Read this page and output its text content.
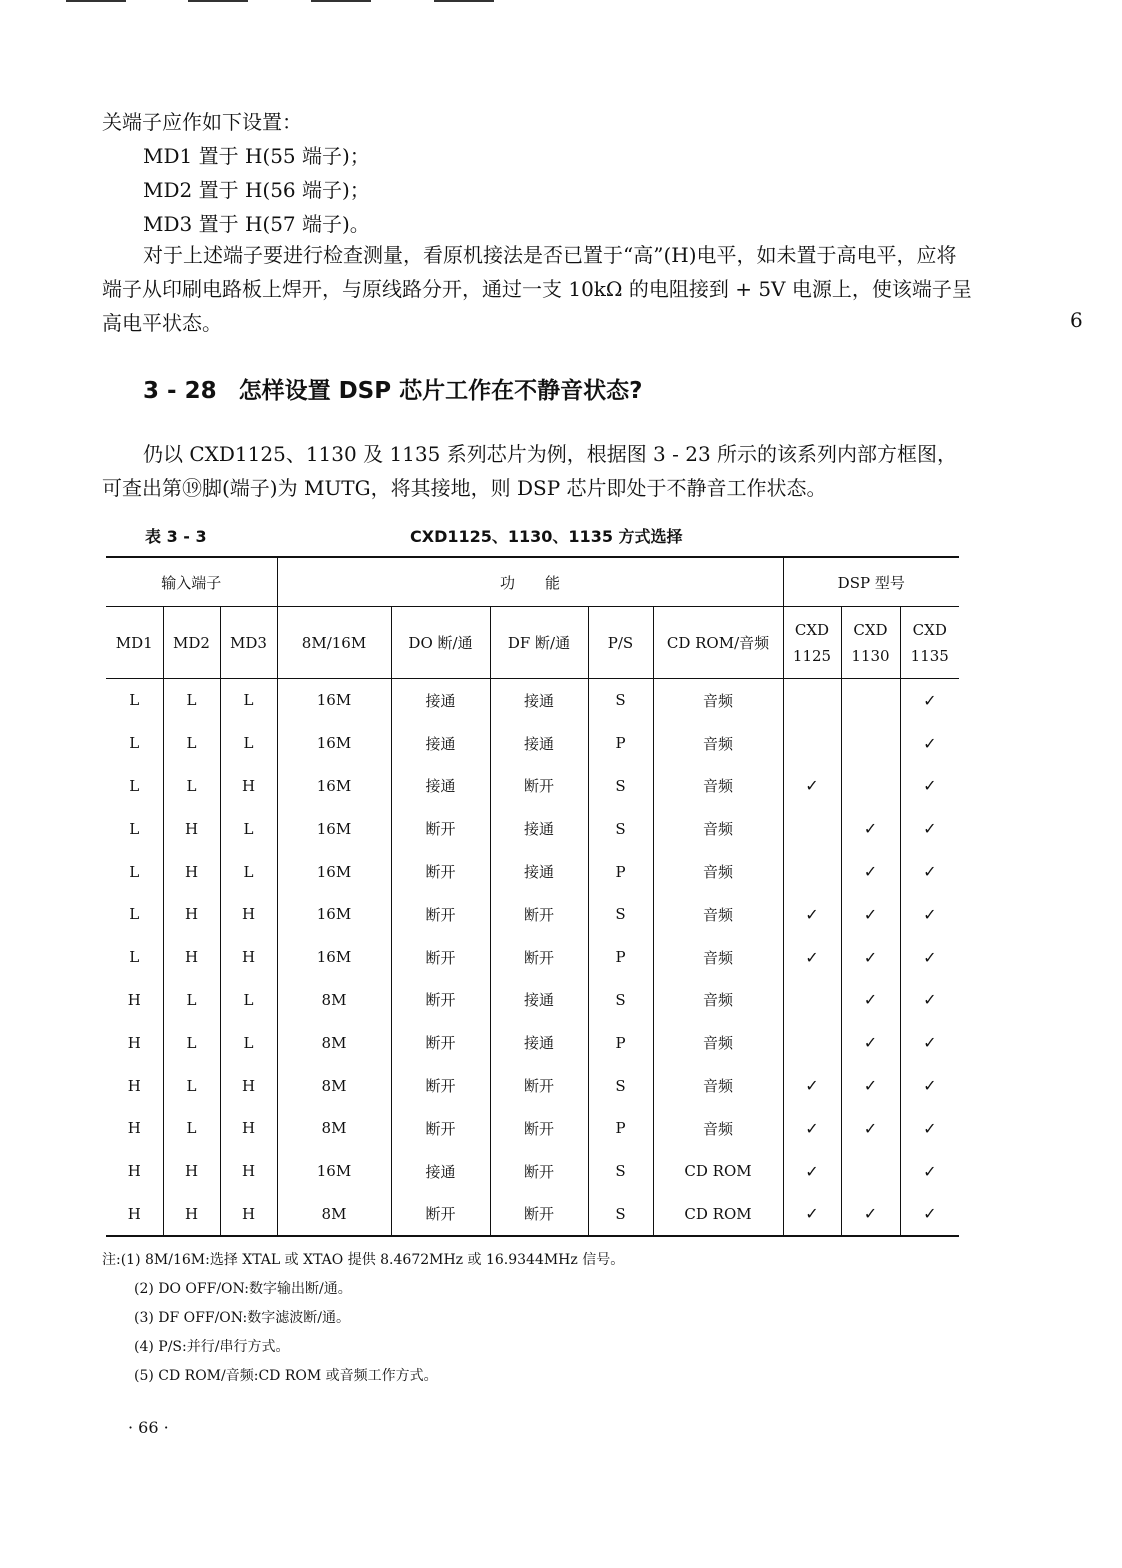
关端子应作如下设置：
MD1 置于 H(55 端子)；
MD2 置于 H(56 端子)；
MD3 置于 H(57 端子)。
对于上述端子要进行检查测量，看原机接法是否已置于“高”(H)电平，如未置于高电平，应将端子从印刷电路板上焊开，与原线路分开，通过一支 10kΩ 的电阻接到 + 5V 电源上，使该端子呈高电平状态。	6
3 - 28 怎样设置 DSP 芯片工作在不静音状态?
仍以 CXD1125、1130 及 1135 系列芯片为例，根据图 3 - 23 所示的该系列内部方框图，可查出第⑲脚(端子)为 MUTG，将其接地，则 DSP 芯片即处于不静音工作状态。
表 3 - 3	CXD1125、1130、1135 方式选择
输入端子			功　　能					DSP 型号		
MD1	MD2	MD3	8M/16M	DO 断/通	DF 断/通	P/S	CD ROM/音频	CXD 1125	CXD 1130	CXD 1135
L	L	L	16M	接通	接通	S	音频			✓
L	L	L	16M	接通	接通	P	音频			✓
L	L	H	16M	接通	断开	S	音频	✓		✓
L	H	L	16M	断开	接通	S	音频		✓	✓
L	H	L	16M	断开	接通	P	音频		✓	✓
L	H	H	16M	断开	断开	S	音频	✓	✓	✓
L	H	H	16M	断开	断开	P	音频	✓	✓	✓
H	L	L	8M	断开	接通	S	音频		✓	✓
H	L	L	8M	断开	接通	P	音频		✓	✓
H	L	H	8M	断开	断开	S	音频	✓	✓	✓
H	L	H	8M	断开	断开	P	音频	✓	✓	✓
H	H	H	16M	接通	断开	S	CD ROM	✓		✓
H	H	H	8M	断开	断开	S	CD ROM	✓	✓	✓
注:(1) 8M/16M:选择 XTAL 或 XTAO 提供 8.4672MHz 或 16.9344MHz 信号。
(2) DO OFF/ON:数字输出断/通。
(3) DF OFF/ON:数字滤波断/通。
(4) P/S:并行/串行方式。
(5) CD ROM/音频:CD ROM 或音频工作方式。
· 66 ·
